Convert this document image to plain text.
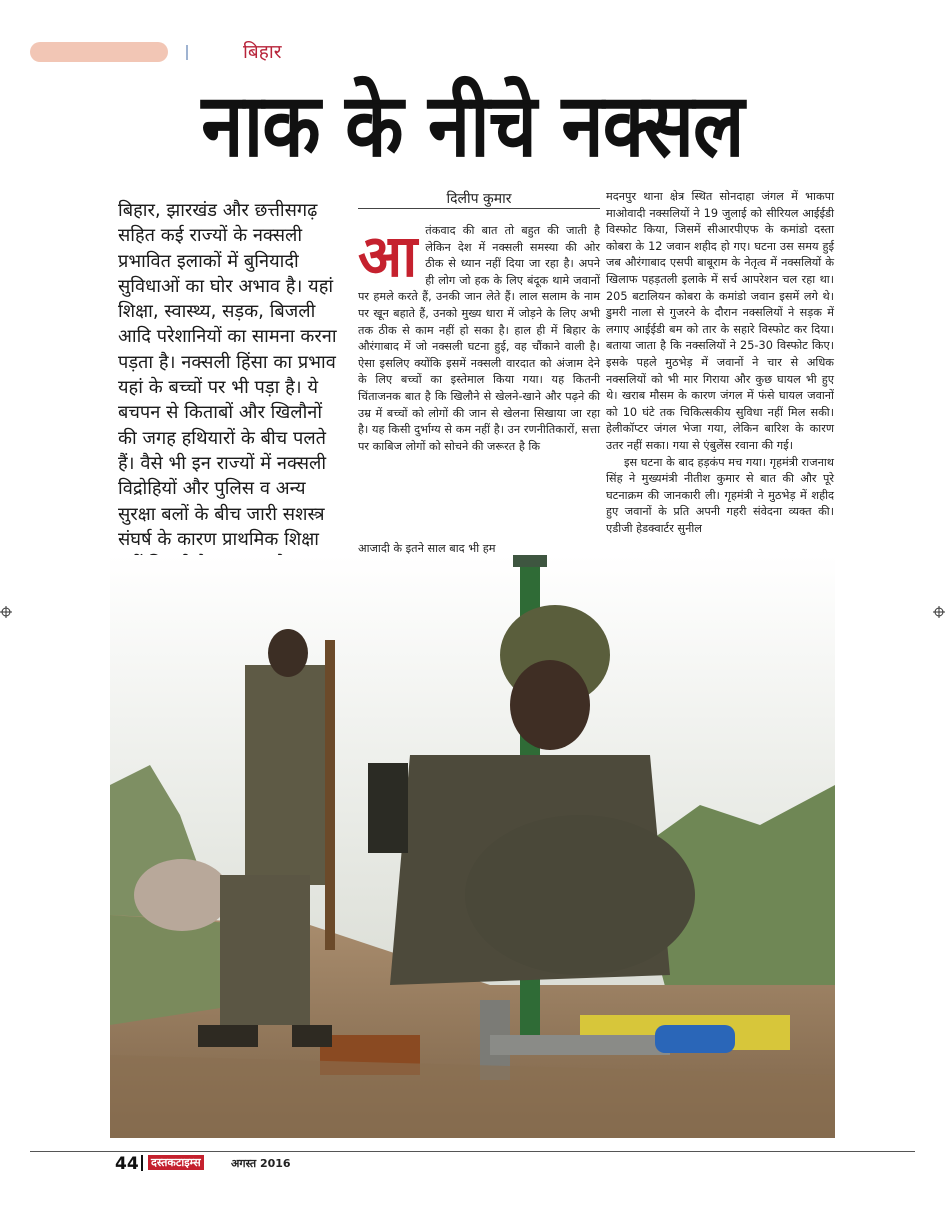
बिहार
नाक के नीचे नक्सल
बिहार, झारखंड और छत्तीसगढ़ सहित कई राज्यों के नक्सली प्रभावित इलाकों में बुनियादी सुविधाओं का घोर अभाव है। यहां शिक्षा, स्वास्थ्य, सड़क, बिजली आदि परेशानियों का सामना करना पड़ता है। नक्सली हिंसा का प्रभाव यहां के बच्चों पर भी पड़ा है। ये बचपन से किताबों और खिलौनों की जगह हथियारों के बीच पलते हैं। वैसे भी इन राज्यों में नक्सली विद्रोहियों और पुलिस व अन्य सुरक्षा बलों के बीच जारी सशस्त्र संघर्ष के कारण प्राथमिक शिक्षा
दिलीप कुमार
आतंकवाद की बात तो बहुत की जाती है लेकिन देश में नक्सली समस्या की ओर ठीक से ध्यान नहीं दिया जा रहा है। अपने ही लोग जो हक के लिए बंदूक थामे जवानों पर हमले करते हैं, उनकी जान लेते हैं। लाल सलाम के नाम पर खून बहाते हैं, उनको मुख्य धारा में जोड़ने के लिए अभी तक ठीक से काम नहीं हो सका है। हाल ही में बिहार के औरंगाबाद में जो नक्सली घटना हुई, वह चौंकाने वाली है। ऐसा इसलिए क्योंकि इसमें नक्सली वारदात को अंजाम देने के लिए बच्चों का इस्तेमाल किया गया। यह कितनी चिंताजनक बात है कि खिलौने से खेलने-खाने और पढ़ने की उम्र में बच्चों को लोगों की जान से खेलना सिखाया जा रहा है। यह किसी दुर्भाग्य से कम नहीं है। उन रणनीतिकारों, सत्ता पर काबिज लोगों को सोचने की जरूरत है कि
आजादी के इतने साल बाद भी हम
मदनपुर थाना क्षेत्र स्थित सोनदाहा जंगल में भाकपा माओवादी नक्सलियों ने 19 जुलाई को सीरियल आईईडी विस्फोट किया, जिसमें सीआरपीएफ के कमांडो दस्ता कोबरा के 12 जवान शहीद हो गए। घटना उस समय हुई जब औरंगाबाद एसपी बाबूराम के नेतृत्व में नक्सलियों के खिलाफ पहड़तली इलाके में सर्च आपरेशन चल रहा था। 205 बटालियन कोबरा के कमांडो जवान इसमें लगे थे। डुमरी नाला से गुजरने के दौरान नक्सलियों ने सड़क में लगाए आईईडी बम को तार के सहारे विस्फोट कर दिया। बताया जाता है कि नक्सलियों ने 25-30 विस्फोट किए। इसके पहले मुठभेड़ में जवानों ने चार से अधिक नक्सलियों को भी मार गिराया और कुछ घायल भी हुए थे। खराब मौसम के कारण जंगल में फंसे घायल जवानों को 10 घंटे तक चिकित्सकीय सुविधा नहीं मिल सकी। हेलीकॉप्टर जंगल भेजा गया, लेकिन बारिश के कारण उतर नहीं सका। गया से एंबुलेंस रवाना की गई।
इस घटना के बाद हड़कंप मच गया। गृहमंत्री राजनाथ सिंह ने मुख्यमंत्री नीतीश कुमार से बात की और पूरे घटनाक्रम की जानकारी ली। गृहमंत्री ने मुठभेड़ में शहीद हुए जवानों के प्रति अपनी गहरी संवेदना व्यक्त की। एडीजी हेडक्वार्टर सुनील
44 दस्तकटाइम्स	अगस्त 2016
